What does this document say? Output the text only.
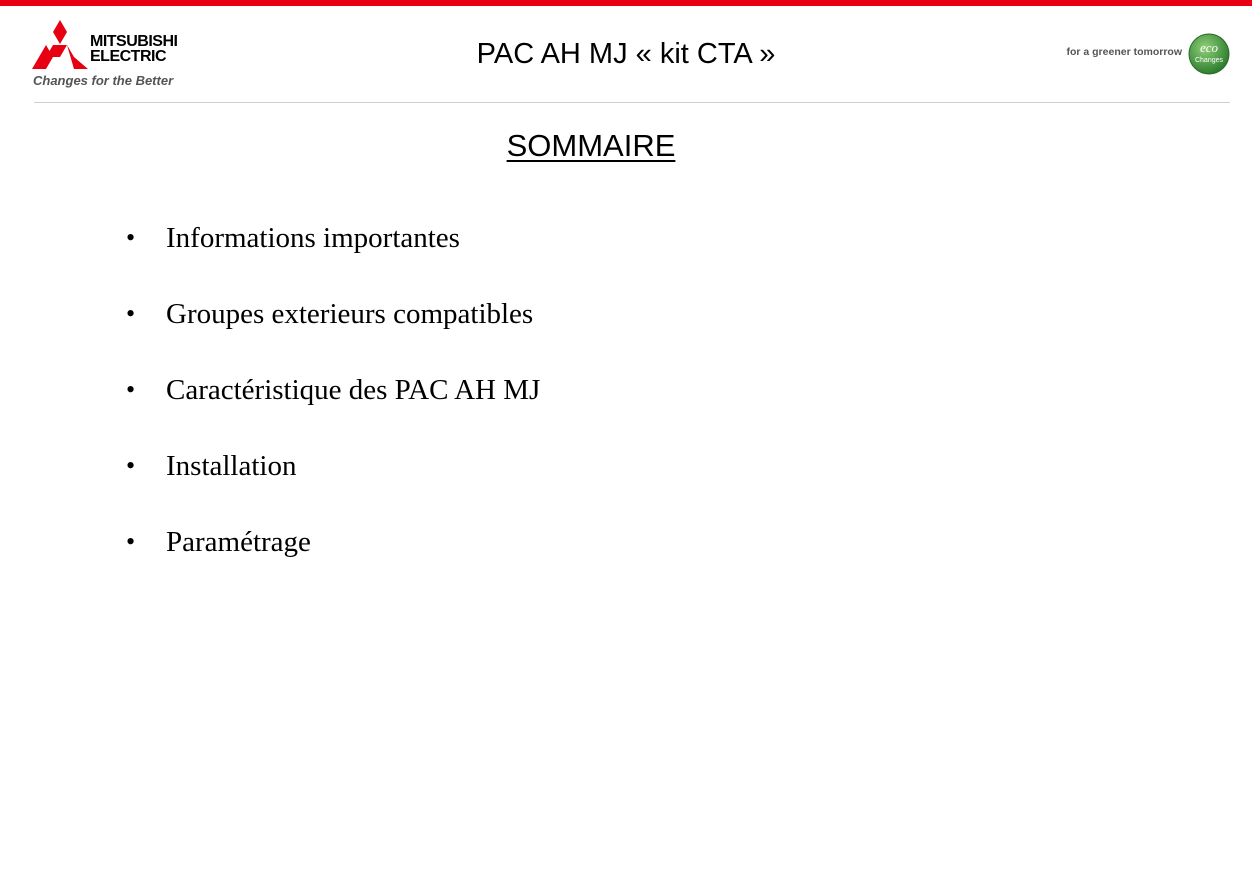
MITSUBISHI
ELECTRIC
Changes for the Better
PAC AH MJ « kit CTA »	for a greener tomorrow eco
Changes
SOMMAIRE
• Informations importantes
• Groupes exterieurs compatibles
• Caractéristique des PAC AH MJ
• Installation
• Paramétrage
